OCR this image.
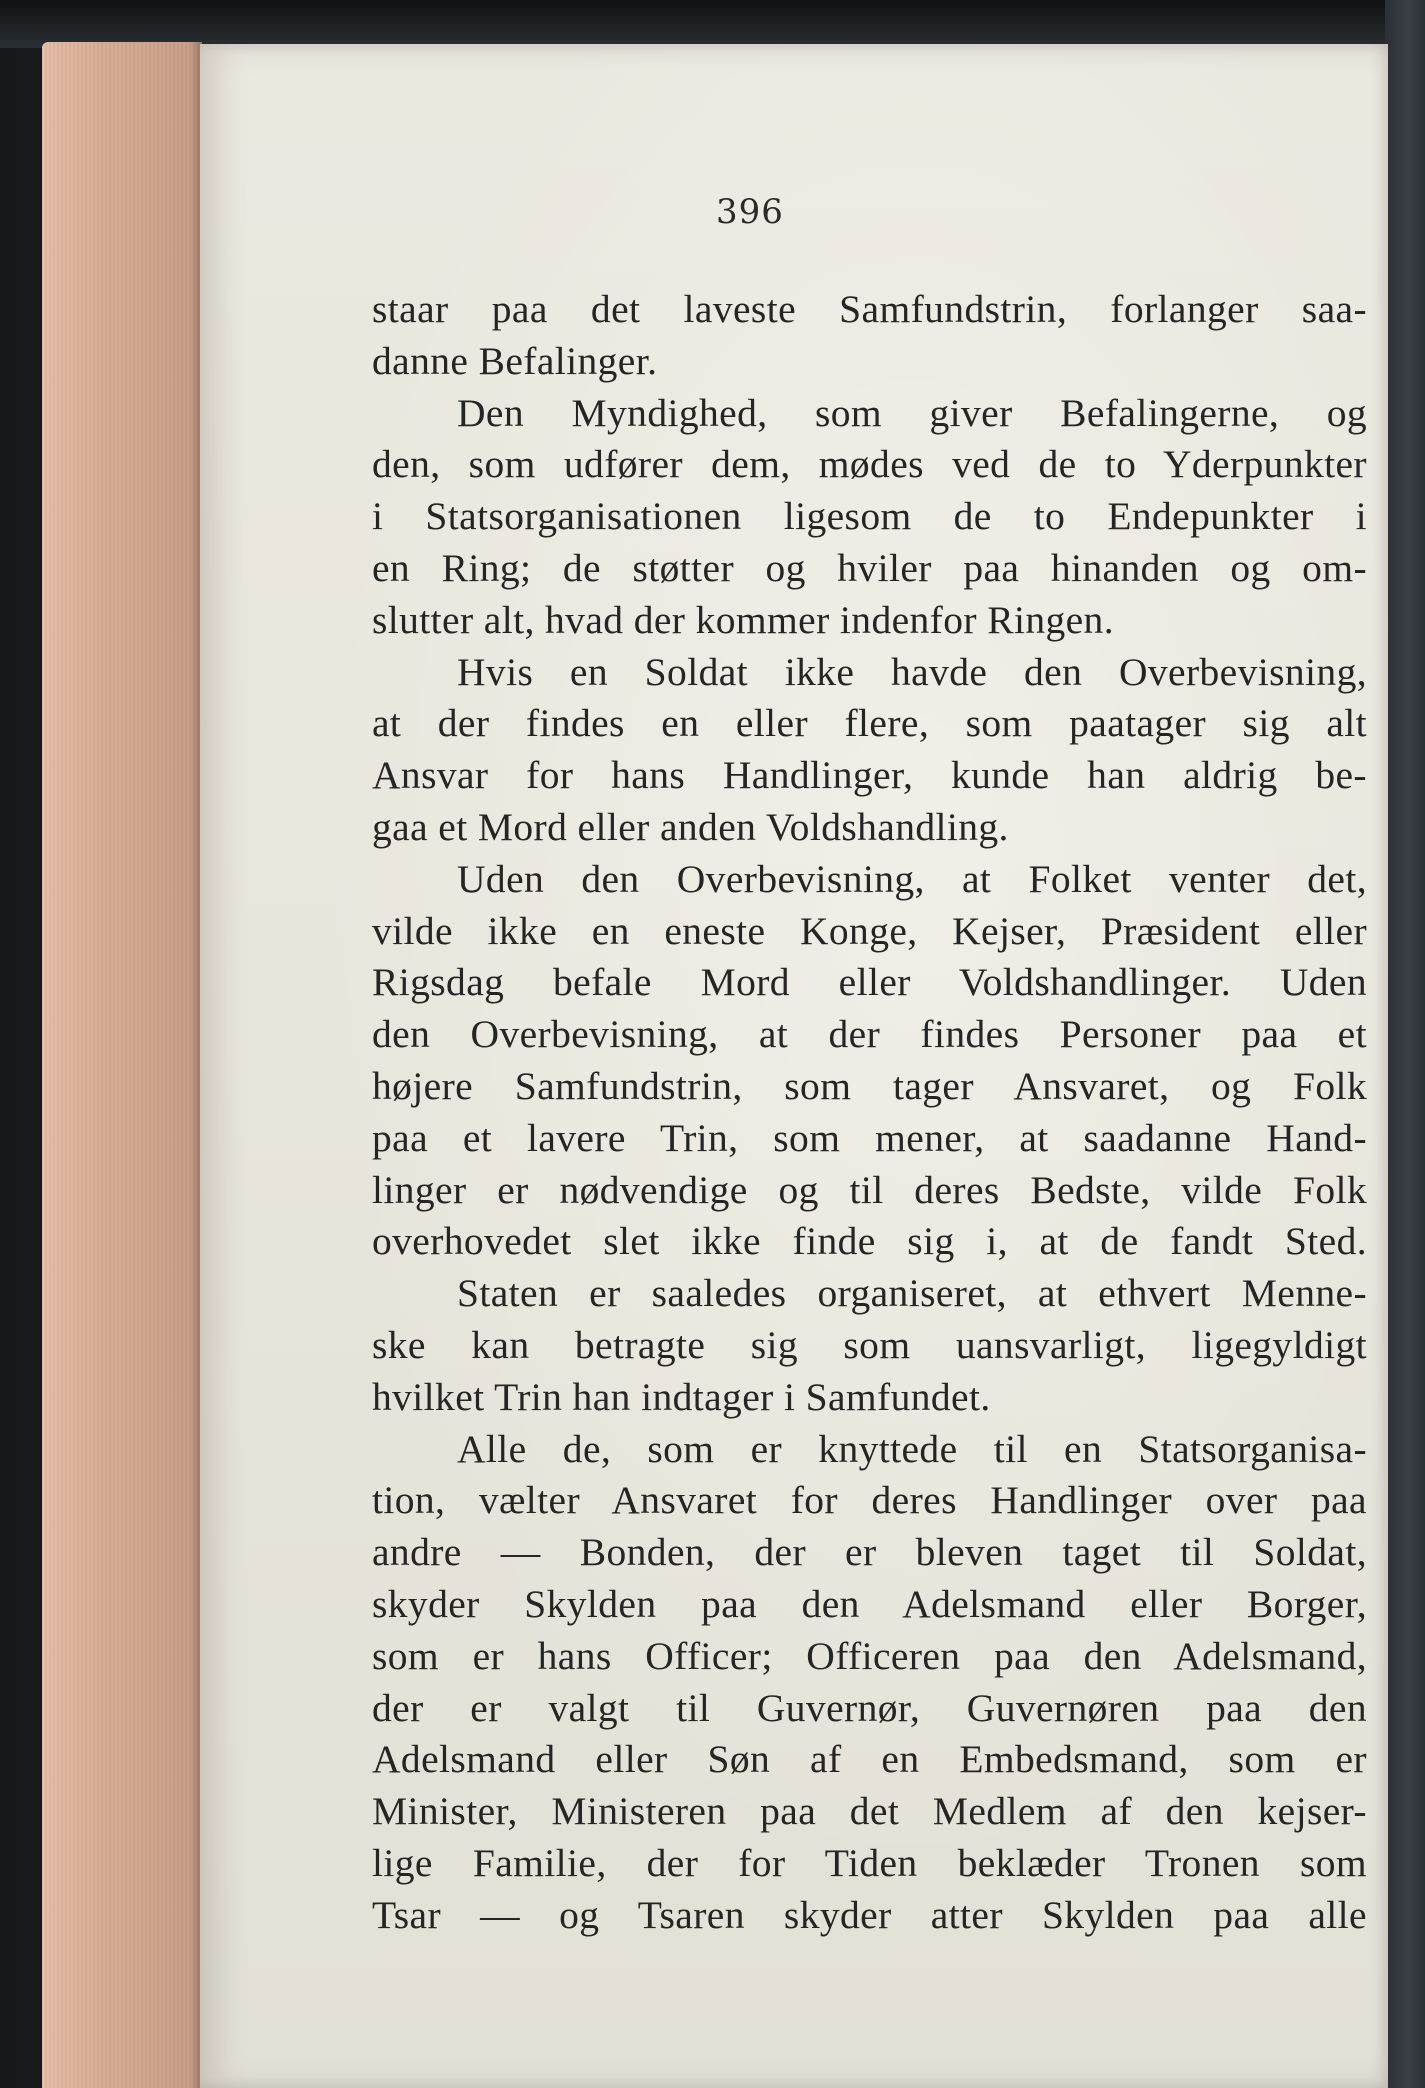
396
staar paa det laveste Samfundstrin, forlanger saa-
danne Befalinger.
Den Myndighed, som giver Befalingerne, og
den, som udfører dem, mødes ved de to Yderpunkter
i Statsorganisationen ligesom de to Endepunkter i
en Ring; de støtter og hviler paa hinanden og om-
slutter alt, hvad der kommer indenfor Ringen.
Hvis en Soldat ikke havde den Overbevisning,
at der findes en eller flere, som paatager sig alt
Ansvar for hans Handlinger, kunde han aldrig be-
gaa et Mord eller anden Voldshandling.
Uden den Overbevisning, at Folket venter det,
vilde ikke en eneste Konge, Kejser, Præsident eller
Rigsdag befale Mord eller Voldshandlinger. Uden
den Overbevisning, at der findes Personer paa et
højere Samfundstrin, som tager Ansvaret, og Folk
paa et lavere Trin, som mener, at saadanne Hand-
linger er nødvendige og til deres Bedste, vilde Folk
overhovedet slet ikke finde sig i, at de fandt Sted.
Staten er saaledes organiseret, at ethvert Menne-
ske kan betragte sig som uansvarligt, ligegyldigt
hvilket Trin han indtager i Samfundet.
Alle de, som er knyttede til en Statsorganisa-
tion, vælter Ansvaret for deres Handlinger over paa
andre — Bonden, der er bleven taget til Soldat,
skyder Skylden paa den Adelsmand eller Borger,
som er hans Officer; Officeren paa den Adelsmand,
der er valgt til Guvernør, Guvernøren paa den
Adelsmand eller Søn af en Embedsmand, som er
Minister, Ministeren paa det Medlem af den kejser-
lige Familie, der for Tiden beklæder Tronen som
Tsar — og Tsaren skyder atter Skylden paa alle
